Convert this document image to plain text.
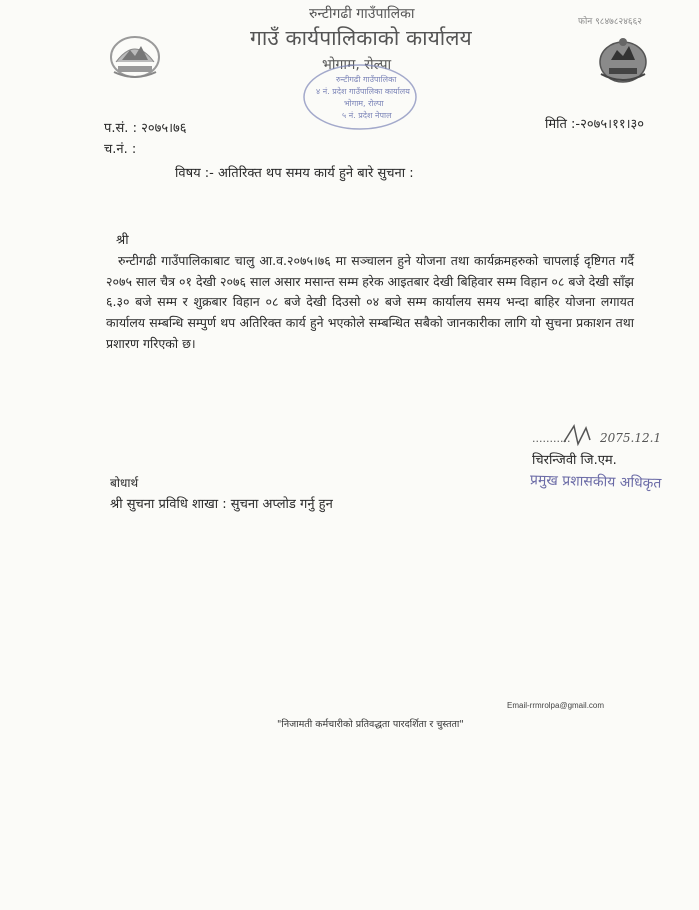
फोन ९८४७८२४६६२
रुन्टीगढी गाउँपालिका
गाउँ कार्यपालिकाको कार्यालय
भोगाम, रोल्पा
रुन्टीगढी गाउँपालिका
४ नं. प्रदेश गाउँपालिका कार्यालय
भोगाम, रोल्पा
५ नं. प्रदेश नेपाल
प.सं. : २०७५।७६
च.नं. :
मिति :-२०७५।११।३०
विषय :- अतिरिक्त थप समय कार्य हुने बारे सुचना :
श्री
रुन्टीगढी गाउँपालिकाबाट चालु आ.व.२०७५।७६ मा सञ्चालन हुने योजना तथा कार्यक्रमहरुको चापलाई दृष्टिगत गर्दै २०७५ साल चैत्र ०१ देखी २०७६ साल असार मसान्त सम्म हरेक आइतबार देखी बिहिवार सम्म विहान ०८ बजे देखी साँझ ६.३० बजे सम्म र शुक्रबार विहान ०८ बजे देखी दिउसो ०४ बजे सम्म कार्यालय समय भन्दा बाहिर योजना लगायत कार्यालय सम्बन्धि सम्पुर्ण थप अतिरिक्त कार्य हुने भएकोले सम्बन्धित सबैको जानकारीका लागि यो सुचना प्रकाशन तथा प्रशारण गरिएको छ।
2075.12.1
...........
चिरन्जिवी जि.एम.
प्रमुख प्रशासकीय अधिकृत
बोधार्थ
श्री सुचना प्रविधि शाखा : सुचना अप्लोड गर्नु हुन
Email-rrmrolpa@gmail.com
"निजामती कर्मचारीको प्रतिवद्धता पारदर्शिता र चुस्तता"
